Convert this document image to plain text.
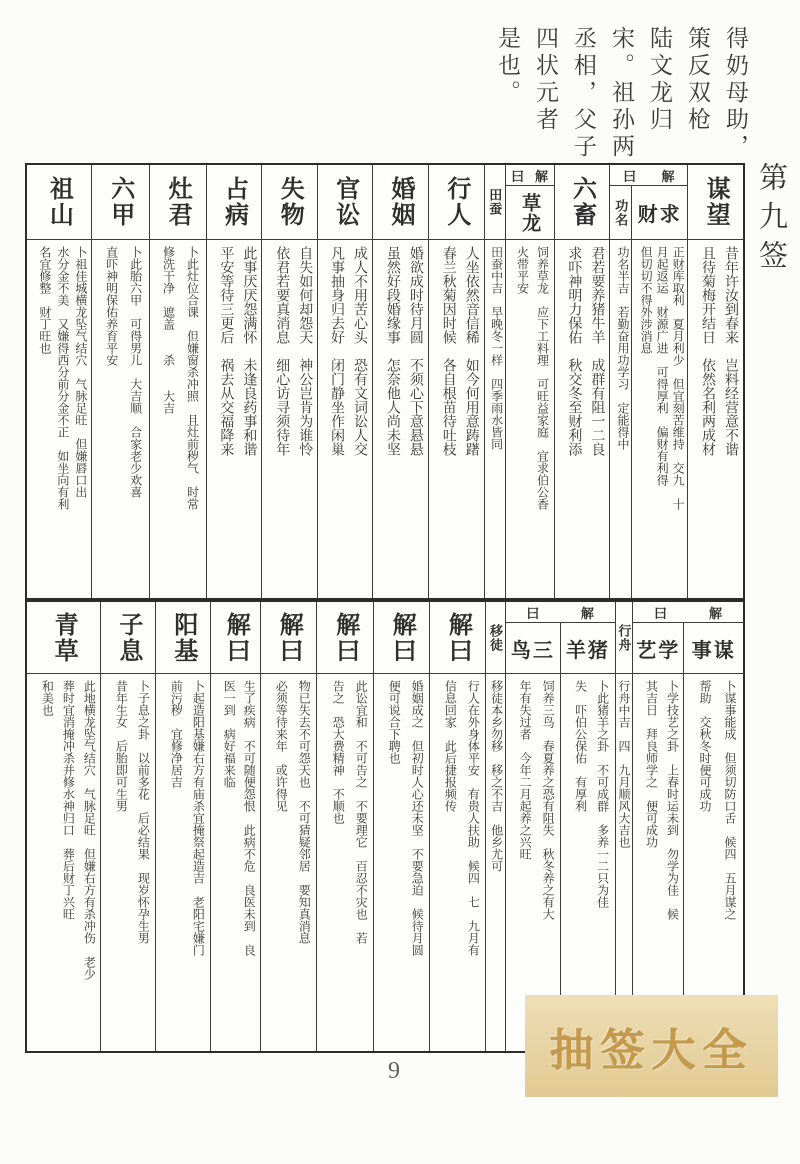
得奶母助，
策反双枪
陆文龙归
宋。祖孙两
丞相，父子
四状元者
是也。
第九签
谋望
昔年许汝到春来　岂料经营意不谐
且待菊梅开结日　依然名利两成材
曰 解
财求
正财库取利　夏月利少　但宜刻苦维持　交九　十
月起返运　财源广进　可得厚利　偏财有利得
但切切不得外涉消息
功名
功名半吉　若勤奋用功学习　定能得中
六畜
君若要养猪牛羊　成群有阻一二良
求吓神明力保佑　秋交冬至财利添
曰 解
草龙
饲养草龙　应下工料理　可旺益家庭　宜求伯公香
火带平安
田蚕
田蚕中吉　早晚冬一样　四季雨水皆同
行人
人坐依然音信稀　如今何用意踌躇
春兰秋菊因时候　各自根苗待吐枝
婚姻
婚欲成时待月圆　不须心下意悬悬
虽然好段婚缘事　怎奈他人尚未坚
官讼
成人不用苦心头　恐有文词讼人交
凡事抽身归去好　闭门静坐作闲巢
失物
自失如何却怨天　神公岂肯为谁怜
依君若要真消息　细心访寻须待年
占病
此事厌厌怨满怀　未逢良药事和谐
平安等待三更后　祸去从交福降来
灶君
卜此灶位合课　但嫌窗杀冲照　且灶前秽气　时常
修洗干净　遮盖　　杀　　大吉
六甲
卜此胎六甲　可得男儿　大吉顺　合家老少欢喜
直吓神明保佑养育平安
祖山
卜祖佳城横龙坠气结穴　气脉足旺　但嫌唇口出
水分金不美　又嫌得西分前分金不正　如坐向有利
名宜修整　财丁旺也
曰	解
事谋
卜谋事能成　但须切防口舌　候四　五月谋之
帮助　交秋冬时便可成功
艺学
卜学技艺之卦　上春时运未到　勿学为佳　候
其吉日　拜良师学之　便可成功
行舟
行舟中吉　四　九月顺风大吉也
曰	解
羊猪
卜此猪羊之卦　不可成群　多养一二只为佳
失　吓伯公保佑　有厚利
鸟三
饲养三鸟　春夏养之恐有阻失　秋冬养之有大
年有失过者　今年二月起养之兴旺
移徒
移徒本乡勿移　移之不吉　他乡尤可
解曰
行人在外身体平安　有贵人扶助　候四　七　九月有
信息回家　此后捷报频传
解曰
婚姻成之　但初时人心还未坚　不要急迫　候待月圆
便可说合下聘也
解曰
此讼宜和　不可告之　不要理它　百忍不灾也　若
告之　恐大费精神　不顺也
解曰
物已失去不可怨天也　不可猜疑邻居　要知真消息
必须等待来年　或许得见
解曰
生了疾病　不可随便怨恨　此病不危　良医未到　良
医一到　病好福来临
阳基
卜起造阳基嫌右方有庙杀宜掩祭起造吉　老阳宅嫌门
前污秽　宜修净居吉
子息
卜子息之卦　以前多花　后必结果　现岁怀孕生男
昔年生女　后胎即可生男
青草
此地横龙坠气结穴　气脉足旺　但嫌右方有杀冲伤　老少
葬时宜消掩冲杀并修水神归口　葬后财丁兴旺
和美也
9	抽签大全
